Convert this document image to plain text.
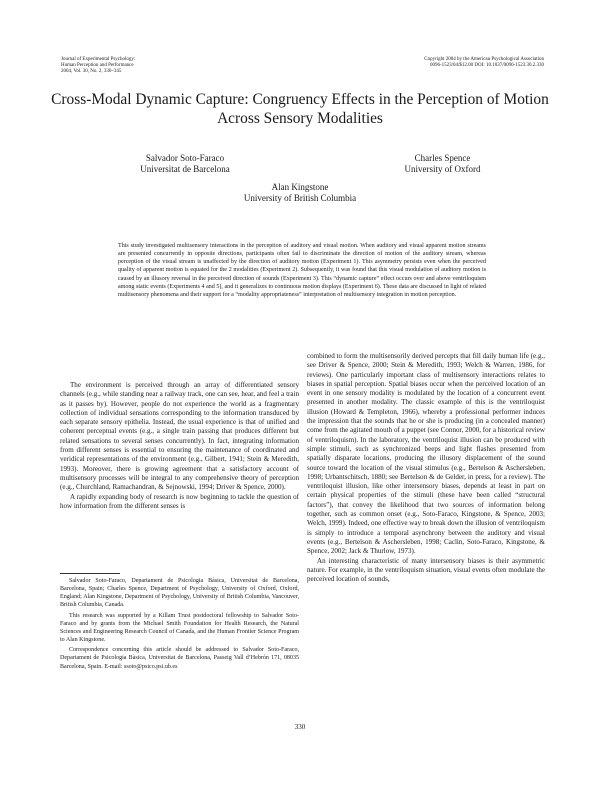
Journal of Experimental Psychology:
Human Perception and Performance
2004, Vol. 30, No. 2, 330–345
Copyright 2004 by the American Psychological Association
0096-1523/04/$12.00 DOI: 10.1037/0096-1523.30.2.330
Cross-Modal Dynamic Capture: Congruency Effects in the Perception of Motion Across Sensory Modalities
Salvador Soto-Faraco
Universitat de Barcelona
Charles Spence
University of Oxford
Alan Kingstone
University of British Columbia
This study investigated multisensory interactions in the perception of auditory and visual motion. When auditory and visual apparent motion streams are presented concurrently in opposite directions, participants often fail to discriminate the direction of motion of the auditory stream, whereas perception of the visual stream is unaffected by the direction of auditory motion (Experiment 1). This asymmetry persists even when the perceived quality of apparent motion is equated for the 2 modalities (Experiment 2). Subsequently, it was found that this visual modulation of auditory motion is caused by an illusory reversal in the perceived direction of sounds (Experiment 3). This “dynamic capture” effect occurs over and above ventriloquism among static events (Experiments 4 and 5), and it generalizes to continuous motion displays (Experiment 6). These data are discussed in light of related multisensory phenomena and their support for a “modality appropriateness” interpretation of multisensory integration in motion perception.

The environment is perceived through an array of differentiated sensory channels (e.g., while standing near a railway track, one can see, hear, and feel a train as it passes by). However, people do not experience the world as a fragmentary collection of individual sensations corresponding to the information transduced by each separate sensory epithelia. Instead, the usual experience is that of unified and coherent perceptual events (e.g., a single train passing that produces different but related sensations to several senses concurrently). In fact, integrating information from different senses is essential to ensuring the maintenance of coordinated and veridical representations of the environment (e.g., Gilbert, 1941; Stein & Meredith, 1993). Moreover, there is growing agreement that a satisfactory account of multisensory processes will be integral to any comprehensive theory of perception (e.g., Churchland, Ramachandran, & Sejnowski, 1994; Driver & Spence, 2000).

A rapidly expanding body of research is now beginning to tackle the question of how information from the different senses is

Salvador Soto-Faraco, Departament de Psicologia Bàsica, Universitat de Barcelona, Barcelona, Spain; Charles Spence, Department of Psychology, University of Oxford, Oxford, England; Alan Kingstone, Department of Psychology, University of British Columbia, Vancouver, British Columbia, Canada.

This research was supported by a Killam Trust postdoctoral fellowship to Salvador Soto-Faraco and by grants from the Michael Smith Foundation for Health Research, the Natural Sciences and Engineering Research Council of Canada, and the Human Frontier Science Program to Alan Kingstone.

Correspondence concerning this article should be addressed to Salvador Soto-Faraco, Departament de Psicologia Bàsica, Universitat de Barcelona, Passeig Vall d’Hebrón 171, 08035 Barcelona, Spain. E-mail: ssoto@psico.psi.ub.es

combined to form the multisensorily derived percepts that fill daily human life (e.g., see Driver & Spence, 2000; Stein & Meredith, 1993; Welch & Warren, 1986, for reviews). One particularly important class of multisensory interactions relates to biases in spatial perception. Spatial biases occur when the perceived location of an event in one sensory modality is modulated by the location of a concurrent event presented in another modality. The classic example of this is the ventriloquist illusion (Howard & Templeton, 1966), whereby a professional performer induces the impression that the sounds that he or she is producing (in a concealed manner) come from the agitated mouth of a puppet (see Connor, 2000, for a historical review of ventriloquism). In the laboratory, the ventriloquist illusion can be produced with simple stimuli, such as synchronized beeps and light flashes presented from spatially disparate locations, producing the illusory displacement of the sound source toward the location of the visual stimulus (e.g., Bertelson & Aschersleben, 1998; Urbantschitsch, 1880; see Bertelson & de Gelder, in press, for a review). The ventriloquist illusion, like other intersensory biases, depends at least in part on certain physical properties of the stimuli (these have been called “structural factors”), that convey the likelihood that two sources of information belong together, such as common onset (e.g., Soto-Faraco, Kingstone, & Spence, 2003; Welch, 1999). Indeed, one effective way to break down the illusion of ventriloquism is simply to introduce a temporal asynchrony between the auditory and visual events (e.g., Bertelson & Aschersleben, 1998; Caclin, Soto-Faraco, Kingstone, & Spence, 2002; Jack & Thurlow, 1973).

An interesting characteristic of many intersensory biases is their asymmetric nature. For example, in the ventriloquism situation, visual events often modulate the perceived location of sounds,

330
